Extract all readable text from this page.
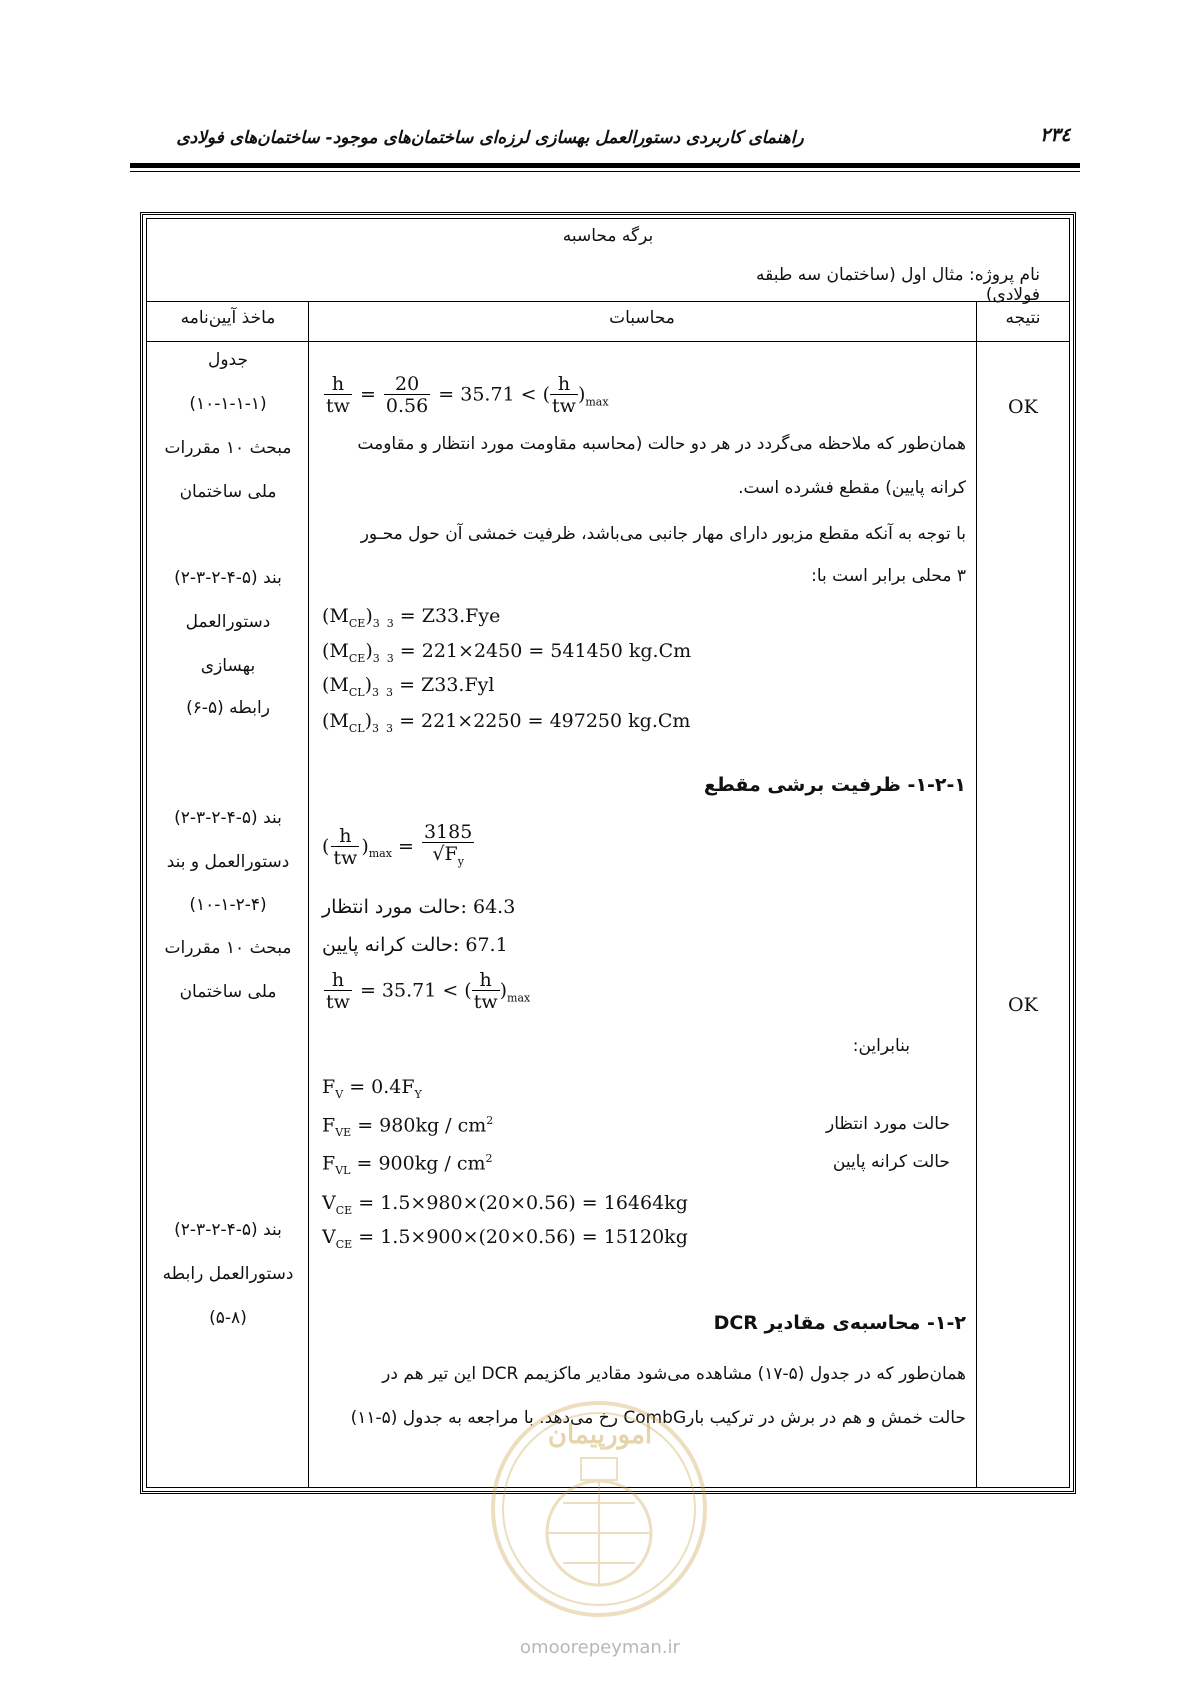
۲۳٤
راهنمای کاربردی دستورالعمل بهسازی لرزه‌ای ساختمان‌های موجود- ساختمان‌های فولادی
برگه محاسبه
نام پروژه: مثال اول (ساختمان سه طبقه فولادی)
ماخذ آیین‌نامه	محاسبات	نتیجه
جدول
(۱۰-۱-۱-۱)
مبحث ۱۰ مقررات
ملی ساختمان
بند (۵-۴-۲-۳-۲)
دستورالعمل
بهسازی
رابطه (۵-۶)
بند (۵-۴-۲-۳-۲)
دستورالعمل و بند
(۱۰-۱-۲-۴)
مبحث ۱۰ مقررات
ملی ساختمان
بند (۵-۴-۲-۳-۲)
دستورالعمل رابطه
(۵-۸)
OK
OK
$\frac{h}{tw} = \frac{20}{0.56} = 35.71$ < ( $\frac{h}{tw} )_{max}$
همان‌طور که ملاحظه می‌گردد در هر دو حالت (محاسبه مقاومت مورد انتظار و مقاومت
کرانه پایین) مقطع فشرده است.
با توجه به آنکه مقطع مزبور دارای مهار جانبی می‌باشد، ظرفیت خمشی آن حول محـور
۳ محلی برابر است با:
$(M_{CE})_{3 3} = Z33.Fye$
$(M_{CE})_{3 3} = 221\times 2450 = 541450$ kg.Cm
$(M_{CL})_{3 3} = Z33.Fyl$
$(M_{CL})_{3 3} = 221\times 2250 = 497250$ kg.Cm
۱-۲-۱- ظرفیت برشی مقطع
( $\frac{h}{tw} )_{max} = \frac{3185}{√F_y}$
64.3 :حالت مورد انتظار
67.1 :حالت کرانه پایین
$\frac{h}{tw} = 35.71$ < ( $\frac{h}{tw} )_{max}$
بنابراین:
$F_V = 0.4F_Y$
$F_{VE} = 980kg / cm^2$
$F_{VL} = 900kg / cm^2$
حالت مورد انتظار
حالت کرانه پایین
$V_{CE} = 1.5\times 980\times(20\times 0.56) = 16464kg$
$V_{CE} = 1.5\times 900\times(20\times 0.56) = 15120kg$
۱-۲- محاسبه‌ی مقادیر DCR
همان‌طور که در جدول (۵-۱۷) مشاهده می‌شود مقادیر ماکزیمم DCR این تیر هم در
حالت خمش و هم در برش در ترکیب بارCombG رخ می‌دهد. با مراجعه به جدول (۵-۱۱)
امورپیمان
omoorepeyman.ir
